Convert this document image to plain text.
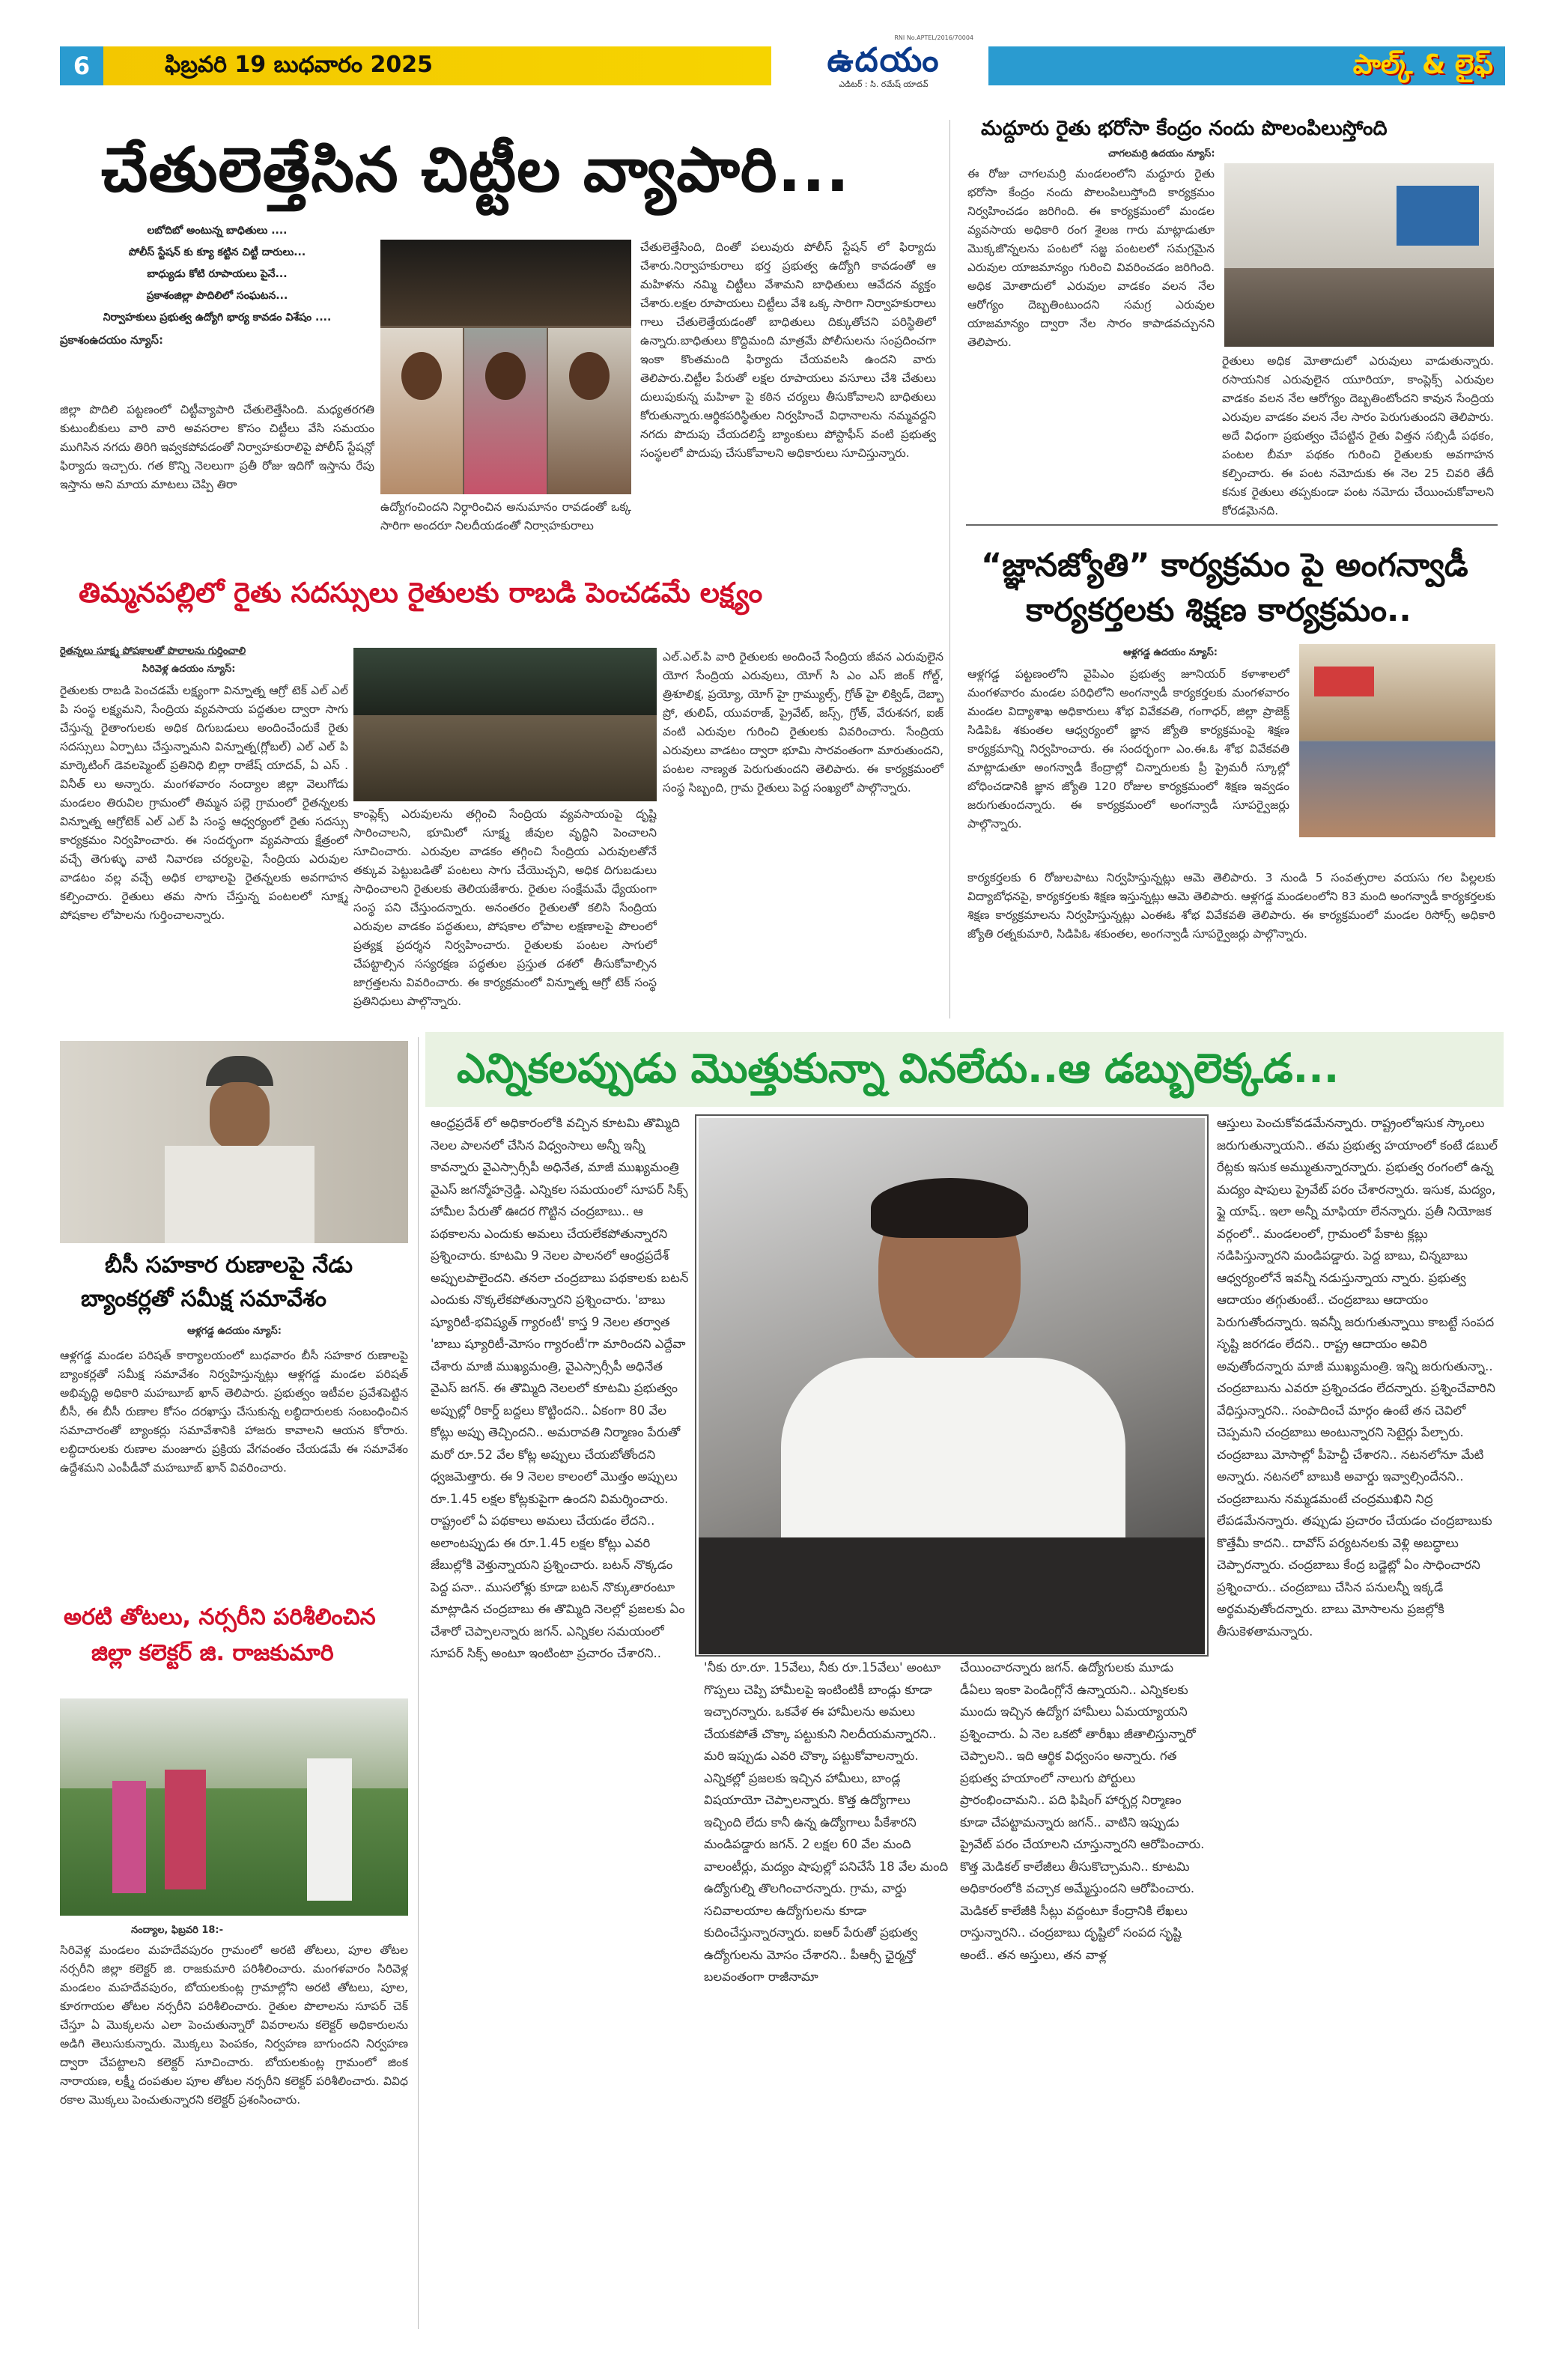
6	ఫిబ్రవరి 19 బుధవారం 2025
RNI No.APTEL/2016/70004
ఉదయం
ఎడిటర్ : సి. రమేష్ యాదవ్
పాల్క్ & లైఫ్
చేతులెత్తేసిన చిట్టీల వ్యాపారి...
లబోదిబో అంటున్న బాధితులు ....
పోలీస్ స్టేషన్ కు క్యూ కట్టిన చిట్టీ దారులు...
బాధ్యుడు కోటి రూపాయలు పైనే...
ప్రకాశంజిల్లా పొదిలిలో సంఘటన...
నిర్వాహకులు ప్రభుత్వ ఉద్యోగి భార్య కావడం విశేషం ....
ప్రకాశంఉదయం న్యూస్:
జిల్లా పొదిలి పట్టణంలో చిట్టీవ్యాపారి చేతులెత్తేసింది. మధ్యతరగతి కుటుంబీకులు వారి వారి అవసరాల కొసం చిట్టీలు వేసి సమయం ముగిసిన నగదు తిరిగి ఇవ్వకపోవడంతో నిర్వాహకురాలిపై పోలీస్ స్టేషన్లో ఫిర్యాదు ఇచ్చారు. గత కొన్ని నెలలుగా ప్రతీ రోజు ఇదిగో ఇస్తాను రేపు ఇస్తాను అని మాయ మాటలు చెప్పి తిరా
ఉద్యోగంచిందని నిర్ధారించిన అనుమానం రావడంతో ఒక్క సారిగా అందరూ నిలదీయడంతో నిర్వాహకురాలు
చేతులెత్తేసింది, దింతో పలువురు పోలీస్ స్టేషన్ లో ఫిర్యాదు చేశారు.నిర్వాహకురాలు భర్త ప్రభుత్వ ఉద్యోగి కావడంతో ఆ మహిళను నమ్మి చిట్టీలు వేశామని బాధితులు ఆవేదన వ్యక్తం చేశారు.లక్షల రూపాయలు చిట్టీలు వేశి ఒక్క సారిగా నిర్వాహకురాలు గాలు చేతులెత్తేయడంతో బాధితులు దిక్కుతోచని పరిస్థితిలో ఉన్నారు.బాధితులు కొద్దిమంది మాత్రమే పోలీసులను సంప్రదించగా ఇంకా కొంతమంది ఫిర్యాదు చేయవలసి ఉందని వారు తెలిపారు.చిట్టీల పేరుతో లక్షల రూపాయలు వసూలు చేశి చేతులు దులుపుకున్న మహిళా పై కఠిన చర్యలు తీసుకోవాలని బాధితులు కోరుతున్నారు.ఆర్థికపరిస్థితుల నిర్వహించే విధానాలను నమ్మవద్దని నగదు పొదుపు చేయదలిస్తే బ్యాంకులు పోస్టాఫీస్ వంటి ప్రభుత్వ సంస్థలలో పొదుపు చేసుకోవాలని అధికారులు సూచిస్తున్నారు.
మద్దూరు రైతు భరోసా కేంద్రం నందు పొలంపిలుస్తోంది
చాగలమర్రి ఉదయం న్యూస్:
ఈ రోజు చాగలమర్రి మండలంలోని మద్దూరు రైతు భరోసా కేంద్రం నందు పొలంపిలుస్తోంది కార్యక్రమం నిర్వహించడం జరిగింది. ఈ కార్యక్రమంలో మండల వ్యవసాయ అధికారి రంగ శైలజ గారు మాట్లాడుతూ మొక్కజొన్నలను పంటలో సజ్జ పంటలలో సమగ్రమైన ఎరువుల యాజమాన్యం గురించి వివరించడం జరిగింది. అధిక మోతాదులో ఎరువుల వాడకం వలన నేల ఆరోగ్యం దెబ్బతింటుందని సమగ్ర ఎరువుల యాజమాన్యం ద్వారా నేల సారం కాపాడవచ్చునని తెలిపారు.
రైతులు అధిక మోతాదులో ఎరువులు వాడుతున్నారు. రసాయనిక ఎరువులైన యూరియా, కాంప్లెక్స్ ఎరువుల వాడకం వలన నేల ఆరోగ్యం దెబ్బతింటోందని కావున సేంద్రియ ఎరువుల వాడకం వలన నేల సారం పెరుగుతుందని తెలిపారు. అదే విధంగా ప్రభుత్వం చేపట్టిన రైతు విత్తన సబ్సిడీ పథకం, పంటల బీమా పథకం గురించి రైతులకు అవగాహన కల్పించారు. ఈ పంట నమోదుకు ఈ నెల 25 చివరి తేదీ కనుక రైతులు తప్పకుండా పంట నమోదు చేయించుకోవాలని కోరడమైనది.
తిమ్మనపల్లిలో రైతు సదస్సులు రైతులకు రాబడి పెంచడమే లక్ష్యం
రైతన్నలు సూక్ష్మ పోషకాలతో పొలాలను గుర్తించాలి
సిరివెళ్ల ఉదయం న్యూస్:
రైతులకు రాబడి పెంచడమే లక్ష్యంగా విన్నూత్న ఆగ్రో టెక్ ఎల్ ఎల్ పి సంస్థ లక్ష్యమని, సేంద్రియ వ్యవసాయ పద్ధతుల ద్వారా సాగు చేస్తున్న రైతాంగులకు అధిక దిగుబడులు అందించేందుకే రైతు సదస్సులు ఏర్పాటు చేస్తున్నామని విన్నూత్న(గ్లోబల్) ఎల్ ఎల్ పి మార్కెటింగ్ డెవలప్మెంట్ ప్రతినిధి బిల్లా రాజేష్ యాదవ్, ఏ ఎస్ . వినీత్ లు అన్నారు. మంగళవారం నంద్యాల జిల్లా వెలుగోడు మండలం తిరువిల గ్రామంలో తిమ్మన పల్లె గ్రామంలో రైతన్నలకు విన్నూత్న ఆగ్రోటెక్ ఎల్ ఎల్ పి సంస్థ ఆధ్వర్యంలో రైతు సదస్సు కార్యక్రమం నిర్వహించారు. ఈ సందర్భంగా వ్యవసాయ క్షేత్రంలో వచ్చే తెగుళ్ళు వాటి నివారణ చర్యలపై, సేంద్రియ ఎరువుల వాడటం వల్ల వచ్చే అధిక లాభాలపై రైతన్నలకు అవగాహన కల్పించారు. రైతులు తమ సాగు చేస్తున్న పంటలలో సూక్ష్మ పోషకాల లోపాలను గుర్తించాలన్నారు.
కాంప్లెక్స్ ఎరువులను తగ్గించి సేంద్రియ వ్యవసాయంపై దృష్టి సారించాలని, భూమిలో సూక్ష్మ జీవుల వృద్ధిని పెంచాలని సూచించారు. ఎరువుల వాడకం తగ్గించి సేంద్రియ ఎరువులతోనే తక్కువ పెట్టుబడితో పంటలు సాగు చేయొచ్చని, అధిక దిగుబడులు సాధించాలని రైతులకు తెలియజేశారు. రైతుల సంక్షేమమే ధ్యేయంగా సంస్థ పని చేస్తుందన్నారు. అనంతరం రైతులతో కలిసి సేంద్రియ ఎరువుల వాడకం పద్ధతులు, పోషకాల లోపాల లక్షణాలపై పొలంలో ప్రత్యక్ష ప్రదర్శన నిర్వహించారు. రైతులకు పంటల సాగులో చేపట్టాల్సిన సస్యరక్షణ పద్ధతుల ప్రస్తుత దశలో తీసుకోవాల్సిన జాగ్రత్తలను వివరించారు. ఈ కార్యక్రమంలో విన్నూత్న ఆగ్రో టెక్ సంస్థ ప్రతినిధులు పాల్గొన్నారు.
ఎల్.ఎల్.పి వారి రైతులకు అందించే సేంద్రియ జీవన ఎరువులైన యోగ సేంద్రియ ఎరువులు, యోగ్ సి ఎం ఎస్ జింక్ గోల్డ్, త్రిశూలిక్ష, ప్రయ్యో, యోగ్ హై గ్రామ్యుల్స్, గ్రోత్ హై లిక్విడ్, దెబ్బా ప్రో, తులిప్, యువరాజ్, ప్రైవేట్, జస్స్, గ్రోత్, వేరుశనగ, ఐజ్ వంటి ఎరువుల గురించి రైతులకు వివరించారు. సేంద్రియ ఎరువులు వాడటం ద్వారా భూమి సారవంతంగా మారుతుందని, పంటల నాణ్యత పెరుగుతుందని తెలిపారు. ఈ కార్యక్రమంలో సంస్థ సిబ్బంది, గ్రామ రైతులు పెద్ద సంఖ్యలో పాల్గొన్నారు.
“జ్ఞానజ్యోతి” కార్యక్రమం పై అంగన్వాడీ
కార్యకర్తలకు శిక్షణ కార్యక్రమం..
ఆళ్లగడ్డ ఉదయం న్యూస్:
ఆళ్లగడ్డ పట్టణంలోని వైపిఎం ప్రభుత్వ జూనియర్ కళాశాలలో మంగళవారం మండల పరిధిలోని అంగన్వాడీ కార్యకర్తలకు మంగళవారం మండల విద్యాశాఖ అధికారులు శోభ వివేకవతి, గంగాధర్, జిల్లా ప్రాజెక్ట్ సిడిపిఓ శకుంతల ఆధ్వర్యంలో జ్ఞాన జ్యోతి కార్యక్రమంపై శిక్షణ కార్యక్రమాన్ని నిర్వహించారు. ఈ సందర్భంగా ఎం.ఈ.ఓ శోభ వివేకవతి మాట్లాడుతూ అంగన్వాడీ కేంద్రాల్లో చిన్నారులకు ప్రీ ప్రైమరీ స్కూల్లో బోధించడానికి జ్ఞాన జ్యోతి 120 రోజుల కార్యక్రమంలో శిక్షణ ఇవ్వడం జరుగుతుందన్నారు. ఈ కార్యక్రమంలో అంగన్వాడీ సూపర్వైజర్లు పాల్గొన్నారు.
కార్యకర్తలకు 6 రోజులపాటు నిర్వహిస్తున్నట్లు ఆమె తెలిపారు. 3 నుండి 5 సంవత్సరాల వయసు గల పిల్లలకు విద్యాబోధనపై, కార్యకర్తలకు శిక్షణ ఇస్తున్నట్లు ఆమె తెలిపారు. ఆళ్లగడ్డ మండలంలోని 83 మంది అంగన్వాడీ కార్యకర్తలకు శిక్షణ కార్యక్రమాలను నిర్వహిస్తున్నట్లు ఎంఈఓ శోభ వివేకవతి తెలిపారు. ఈ కార్యక్రమంలో మండల రిసోర్స్ అధికారి జ్యోతి రత్నకుమారి, సిడిపిఓ శకుంతల, అంగన్వాడీ సూపర్వైజర్లు పాల్గొన్నారు.
బీసీ సహకార రుణాలపై నేడు
బ్యాంకర్లతో సమీక్ష సమావేశం
ఆళ్లగడ్డ ఉదయం న్యూస్:
ఆళ్లగడ్డ మండల పరిషత్ కార్యాలయంలో బుధవారం బీసీ సహకార రుణాలపై బ్యాంకర్లతో సమీక్ష సమావేశం నిర్వహిస్తున్నట్లు ఆళ్లగడ్డ మండల పరిషత్ అభివృద్ధి అధికారి మహబూబ్ ఖాన్ తెలిపారు. ప్రభుత్వం ఇటీవల ప్రవేశపెట్టిన బీసీ, ఈ బీసీ రుణాల కోసం దరఖాస్తు చేసుకున్న లబ్ధిదారులకు సంబంధించిన సమాచారంతో బ్యాంకర్లు సమావేశానికి హాజరు కావాలని ఆయన కోరారు. లబ్ధిదారులకు రుణాల మంజూరు ప్రక్రియ వేగవంతం చేయడమే ఈ సమావేశం ఉద్దేశమని ఎంపీడీవో మహబూబ్ ఖాన్ వివరించారు.
అరటి తోటలు, నర్సరీని పరిశీలించిన
జిల్లా కలెక్టర్ జి. రాజకుమారి
నంద్యాల, ఫిబ్రవరి 18:-
సిరివెళ్ల మండలం మహదేవపురం గ్రామంలో అరటి తోటలు, పూల తోటల నర్సరీని జిల్లా కలెక్టర్ జి. రాజకుమారి పరిశీలించారు. మంగళవారం సిరివెళ్ల మండలం మహదేవపురం, బోయలకుంట్ల గ్రామాల్లోని అరటి తోటలు, పూల, కూరగాయల తోటల నర్సరీని పరిశీలించారు. రైతుల పొలాలను సూపర్ చెక్ చేస్తూ ఏ మొక్కలను ఎలా పెంచుతున్నారో వివరాలను కలెక్టర్ అధికారులను అడిగి తెలుసుకున్నారు. మొక్కలు పెంపకం, నిర్వహణ బాగుందని నిర్వహణ ద్వారా చేపట్టాలని కలెక్టర్ సూచించారు. బోయలకుంట్ల గ్రామంలో జింక నారాయణ, లక్ష్మీ దంపతుల పూల తోటల నర్సరీని కలెక్టర్ పరిశీలించారు. వివిధ రకాల మొక్కలు పెంచుతున్నారని కలెక్టర్ ప్రశంసించారు.
ఎన్నికలప్పుడు మొత్తుకున్నా వినలేదు..ఆ డబ్బులెక్కడ...
ఆంధ్రప్రదేశ్ లో అధికారంలోకి వచ్చిన కూటమి తొమ్మిది నెలల పాలనలో చేసిన విధ్వంసాలు అన్నీ ఇన్నీ కావన్నారు వైఎస్సార్సీపీ అధినేత, మాజీ ముఖ్యమంత్రి వైఎస్ జగన్మోహన్రెడ్డి. ఎన్నికల సమయంలో సూపర్ సిక్స్ హామీల పేరుతో ఊదర గొట్టిన చంద్రబాబు.. ఆ పథకాలను ఎందుకు అమలు చేయలేకపోతున్నారని ప్రశ్నించారు. కూటమి 9 నెలల పాలనలో ఆంధ్రప్రదేశ్ అప్పులపాలైందని. తనలా చంద్రబాబు పథకాలకు బటన్ ఎందుకు నొక్కలేకపోతున్నారని ప్రశ్నించారు. 'బాబు ష్యూరిటీ-భవిష్యత్ గ్యారంటీ' కాస్త 9 నెలల తర్వాత 'బాబు ష్యూరిటీ-మోసం గ్యారంటీ'గా మారిందని ఎద్దేవా చేశారు మాజీ ముఖ్యమంత్రి, వైఎస్సార్సీపీ అధినేత వైఎస్ జగన్. ఈ తొమ్మిది నెలలలో కూటమి ప్రభుత్వం అప్పుల్లో రికార్డ్ బద్దలు కొట్టిందని.. ఏకంగా 80 వేల కోట్లు అప్పు తెచ్చిందని.. అమరావతి నిర్మాణం పేరుతో మరో రూ.52 వేల కోట్ల అప్పులు చేయబోతోందని ధ్వజమెత్తారు. ఈ 9 నెలల కాలంలో మొత్తం అప్పులు రూ.1.45 లక్షల కోట్లకుపైగా ఉందని విమర్శించారు. రాష్ట్రంలో ఏ పథకాలు అమలు చేయడం లేదని.. అలాంటప్పుడు ఈ రూ.1.45 లక్షల కోట్లు ఎవరి జేబుల్లోకి వెళ్తున్నాయని ప్రశ్నించారు. బటన్ నొక్కడం పెద్ద పనా.. ముసలోళ్లు కూడా బటన్ నొక్కుతారంటూ మాట్లాడిన చంద్రబాబు ఈ తొమ్మిది నెలల్లో ప్రజలకు ఏం చేశారో చెప్పాలన్నారు జగన్. ఎన్నికల సమయంలో సూపర్ సిక్స్ అంటూ ఇంటింటా ప్రచారం చేశారని..
'నీకు రూ.రూ. 15వేలు, నీకు రూ.15వేలు' అంటూ గొప్పలు చెప్పి హామీలపై ఇంటింటికీ బాండ్లు కూడా ఇచ్చారన్నారు. ఒకవేళ ఈ హామీలను అమలు చేయకపోతే చొక్కా పట్టుకుని నిలదీయమన్నారని.. మరి ఇప్పుడు ఎవరి చొక్కా పట్టుకోవాలన్నారు. ఎన్నికల్లో ప్రజలకు ఇచ్చిన హామీలు, బాండ్ల విషయాయో చెప్పాలన్నారు. కొత్త ఉద్యోగాలు ఇచ్చింది లేదు కానీ ఉన్న ఉద్యోగాలు పీకేశారని మండిపడ్డారు జగన్. 2 లక్షల 60 వేల మంది వాలంటీర్లు, మద్యం షాపుల్లో పనిచేసే 18 వేల మంది ఉద్యోగుల్ని తొలగించారన్నారు. గ్రామ, వార్డు సచివాలయాల ఉద్యోగులను కూడా కుదించేస్తున్నారన్నారు. ఐఆర్ పేరుతో ప్రభుత్వ ఉద్యోగులను మోసం చేశారని.. పీఆర్సీ ఛైర్మన్తో బలవంతంగా రాజీనామా
చేయించారన్నారు జగన్. ఉద్యోగులకు మూడు డీఏలు ఇంకా పెండింగ్లోనే ఉన్నాయని.. ఎన్నికలకు ముందు ఇచ్చిన ఉద్యోగ హామీలు ఏమయ్యాయని ప్రశ్నించారు. ఏ నెల ఒకటో తారీఖు జీతాలిస్తున్నారో చెప్పాలని.. ఇది ఆర్థిక విధ్వంసం అన్నారు. గత ప్రభుత్వ హయాంలో నాలుగు పోర్టులు ప్రారంభించామని.. పది ఫిషింగ్ హార్బర్ల నిర్మాణం కూడా చేపట్టామన్నారు జగన్.. వాటిని ఇప్పుడు ప్రైవేట్ పరం చేయాలని చూస్తున్నారని ఆరోపించారు. కొత్త మెడికల్ కాలేజీలు తీసుకొచ్చామని.. కూటమి అధికారంలోకి వచ్చాక అమ్మేస్తుందని ఆరోపించారు. మెడికల్ కాలేజీకి సీట్లు వద్దంటూ కేంద్రానికి లేఖలు రాస్తున్నారని.. చంద్రబాబు దృష్టిలో సంపద సృష్టి అంటే.. తన అస్తులు, తన వాళ్ల
ఆస్తులు పెంచుకోవడమేనన్నారు. రాష్ట్రంలోఇసుక స్కాంలు జరుగుతున్నాయని.. తమ ప్రభుత్వ హయాంలో కంటే డబుల్ రేట్లకు ఇసుక అమ్ముతున్నారన్నారు. ప్రభుత్వ రంగంలో ఉన్న మద్యం షాపులు ప్రైవేట్ పరం చేశారన్నారు. ఇసుక, మద్యం, ఫ్లై యాష్.. ఇలా అన్నీ మాఫియా లేనన్నారు. ప్రతీ నియోజక వర్గంలో.. మండలంలో, గ్రామంలో పేకాట క్లబ్లు నడిపిస్తున్నారని మండిపడ్డారు. పెద్ద బాబు, చిన్నబాబు ఆధ్వర్యంలోనే ఇవన్నీ నడుస్తున్నాయ న్నారు. ప్రభుత్వ ఆదాయం తగ్గుతుంటే.. చంద్రబాబు ఆదాయం పెరుగుతోందన్నారు. ఇవన్నీ జరుగుతున్నాయి కాబట్టే సంపద సృష్టి జరగడం లేదని.. రాష్ట్ర ఆదాయం అవిరి అవుతోందన్నారు మాజీ ముఖ్యమంత్రి. ఇన్ని జరుగుతున్నా.. చంద్రబాబును ఎవరూ ప్రశ్నించడం లేదన్నారు. ప్రశ్నించేవారిని వేధిస్తున్నారని.. సంపాదించే మార్గం ఉంటే తన చెవిలో చెప్పమని చంద్రబాబు అంటున్నారని సెటైర్లు పేల్చారు. చంద్రబాబు మోసాల్లో పీహెచ్డీ చేశారని.. నటనలోనూ మేటి అన్నారు. నటనలో బాబుకి అవార్డు ఇవ్వాల్సిందేనని.. చంద్రబాబును నమ్మడమంటే చంద్రముఖిని నిద్ర లేపడమేనన్నారు. తప్పుడు ప్రచారం చేయడం చంద్రబాబుకు కొత్తేమీ కాదని.. దావోస్ పర్యటనలకు వెళ్లి అబద్ధాలు చెప్పారన్నారు. చంద్రబాబు కేంద్ర బడ్జెట్లో ఏం సాధించారని ప్రశ్నించారు.. చంద్రబాబు చేసిన పనులన్నీ ఇక్కడే అర్థమవుతోందన్నారు. బాబు మోసాలను ప్రజల్లోకి తీసుకెళతామన్నారు.
